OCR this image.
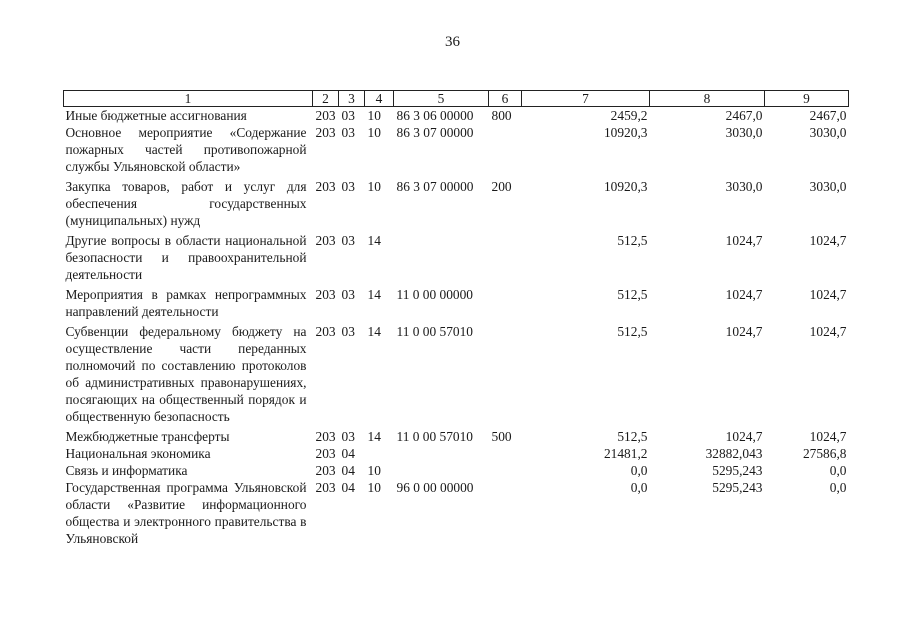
36
1	2	3	4	5	6	7	8	9
Иные бюджетные ассигнования	203	03	10	86 3 06 00000	800	2459,2	2467,0	2467,0
Основное мероприятие «Содержание пожарных частей противопожарной службы Ульяновской области»	203	03	10	86 3 07 00000		10920,3	3030,0	3030,0
Закупка товаров, работ и услуг для обеспечения государственных (муниципальных) нужд	203	03	10	86 3 07 00000	200	10920,3	3030,0	3030,0
Другие вопросы в области национальной безопасности и правоохранительной деятельности	203	03	14			512,5	1024,7	1024,7
Мероприятия в рамках непрограммных направлений деятельности	203	03	14	11 0 00 00000		512,5	1024,7	1024,7
Субвенции федеральному бюджету на осуществление части переданных полномочий по составлению протоколов об административных правонарушениях, посягающих на общественный порядок и общественную безопасность	203	03	14	11 0 00 57010		512,5	1024,7	1024,7
Межбюджетные трансферты	203	03	14	11 0 00 57010	500	512,5	1024,7	1024,7
Национальная экономика	203	04				21481,2	32882,043	27586,8
Связь и информатика	203	04	10			0,0	5295,243	0,0
Государственная программа Ульяновской области «Развитие информационного общества и электронного правительства в Ульяновской	203	04	10	96 0 00 00000		0,0	5295,243	0,0
